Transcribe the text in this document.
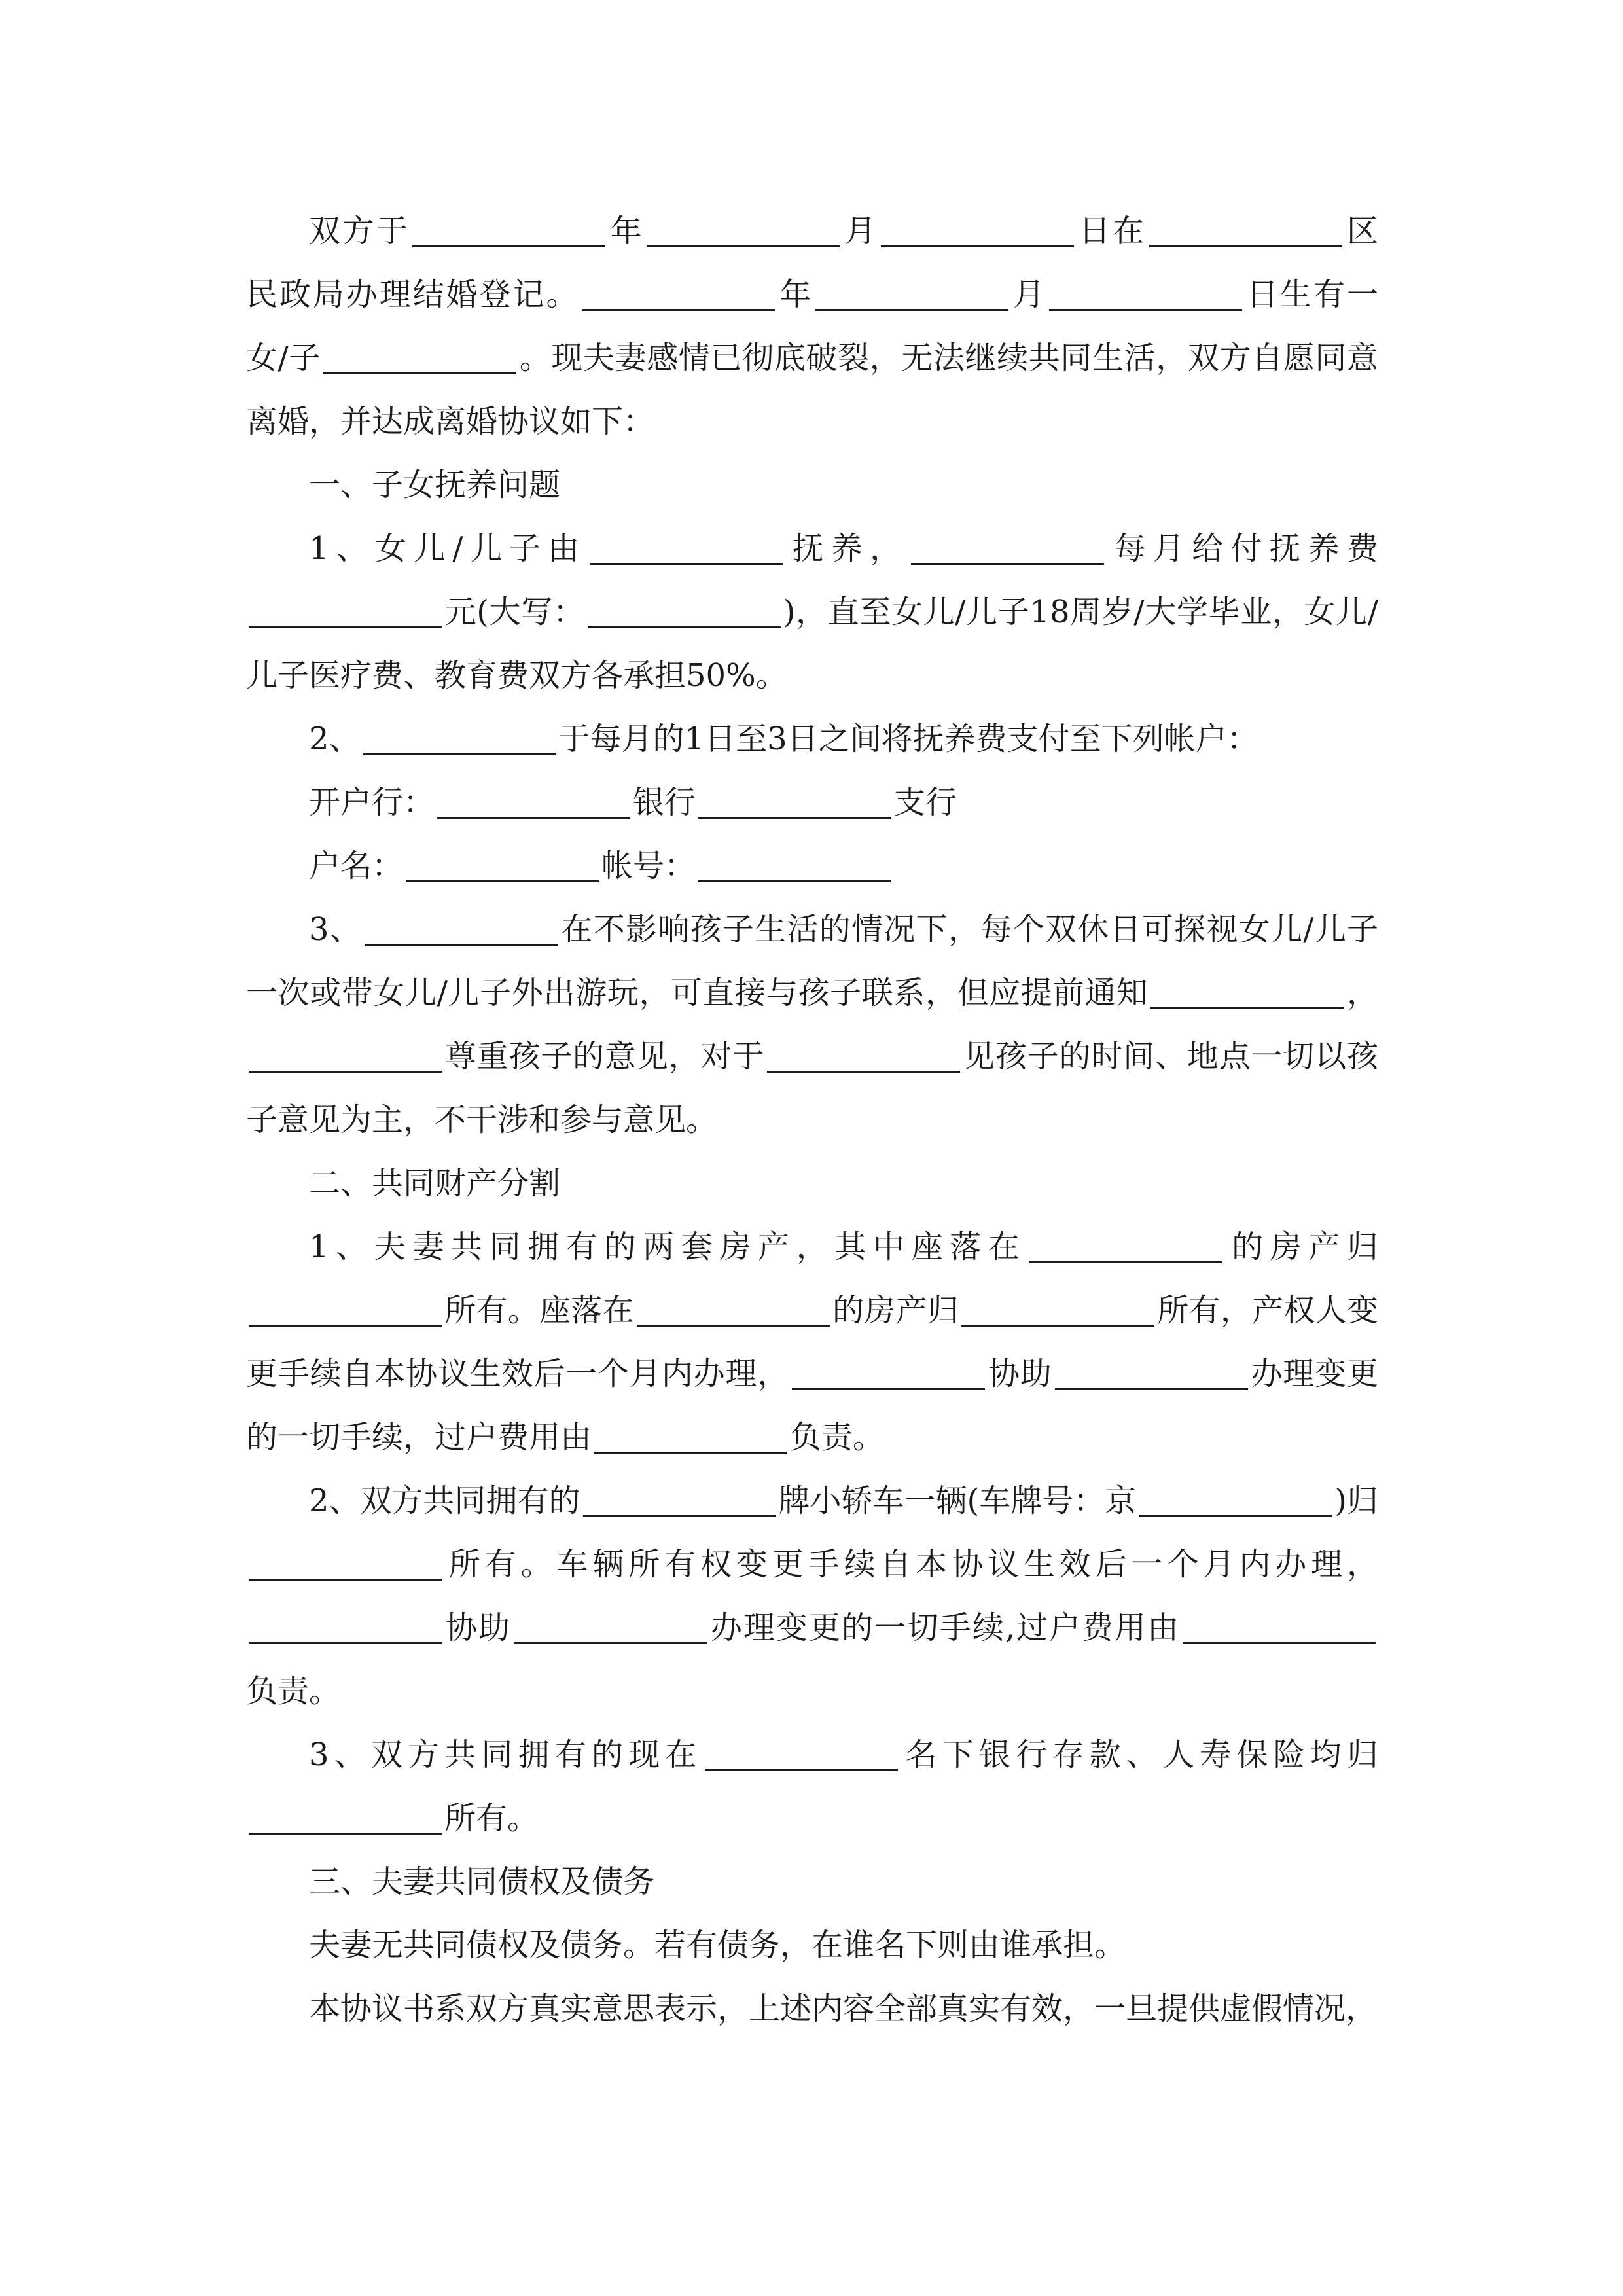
双方于	年	月	日在	区民政局办理结婚登记。	年	月	日生有一女/子	。现夫妻感情已彻底破裂，无法继续共同生活，双方自愿同意离婚，并达成离婚协议如下：

一、子女抚养问题

1、女儿/儿子由	抚养，	每月给付抚养费元(大写：	)，直至女儿/儿子18周岁/大学毕业，女儿/儿子医疗费、教育费双方各承担50%。

2、	于每月的1日至3日之间将抚养费支付至下列帐户：

开户行：	银行	支行

户名：	帐号：

3、	在不影响孩子生活的情况下，每个双休日可探视女儿/儿子一次或带女儿/儿子外出游玩，可直接与孩子联系，但应提前通知	，尊重孩子的意见，对于	见孩子的时间、地点一切以孩子意见为主，不干涉和参与意见。

二、共同财产分割

1、夫妻共同拥有的两套房产，其中座落在	的房产归所有。座落在	的房产归	所有，产权人变更手续自本协议生效后一个月内办理，	协助	办理变更的一切手续，过户费用由	负责。

2、双方共同拥有的	牌小轿车一辆(车牌号：京	)归所有。车辆所有权变更手续自本协议生效后一个月内办理，协助	办理变更的一切手续,过户费用由负责。

3、双方共同拥有的现在	名下银行存款、人寿保险均归所有。

三、夫妻共同债权及债务

夫妻无共同债权及债务。若有债务，在谁名下则由谁承担。

本协议书系双方真实意思表示，上述内容全部真实有效，一旦提供虚假情况，
